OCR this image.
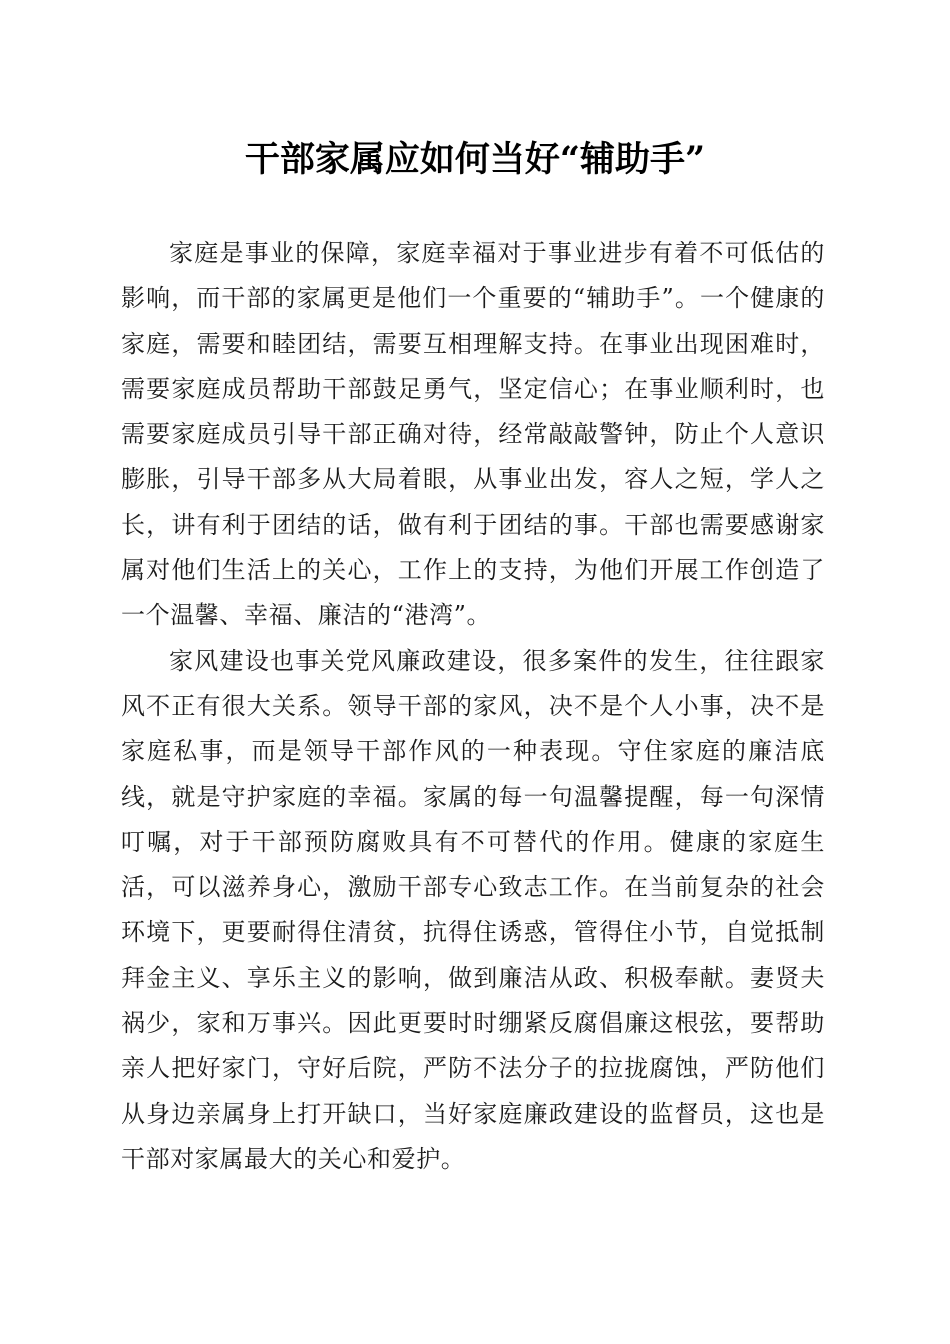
干部家属应如何当好“辅助手”

家庭是事业的保障，家庭幸福对于事业进步有着不可低估的影响，而干部的家属更是他们一个重要的“辅助手”。一个健康的家庭，需要和睦团结，需要互相理解支持。在事业出现困难时，需要家庭成员帮助干部鼓足勇气，坚定信心；在事业顺利时，也需要家庭成员引导干部正确对待，经常敲敲警钟，防止个人意识膨胀，引导干部多从大局着眼，从事业出发，容人之短，学人之长，讲有利于团结的话，做有利于团结的事。干部也需要感谢家属对他们生活上的关心，工作上的支持，为他们开展工作创造了一个温馨、幸福、廉洁的“港湾”。

家风建设也事关党风廉政建设，很多案件的发生，往往跟家风不正有很大关系。领导干部的家风，决不是个人小事，决不是家庭私事，而是领导干部作风的一种表现。守住家庭的廉洁底线，就是守护家庭的幸福。家属的每一句温馨提醒，每一句深情叮嘱，对于干部预防腐败具有不可替代的作用。健康的家庭生活，可以滋养身心，激励干部专心致志工作。在当前复杂的社会环境下，更要耐得住清贫，抗得住诱惑，管得住小节，自觉抵制拜金主义、享乐主义的影响，做到廉洁从政、积极奉献。妻贤夫祸少，家和万事兴。因此更要时时绷紧反腐倡廉这根弦，要帮助亲人把好家门，守好后院，严防不法分子的拉拢腐蚀，严防他们从身边亲属身上打开缺口，当好家庭廉政建设的监督员，这也是干部对家属最大的关心和爱护。
